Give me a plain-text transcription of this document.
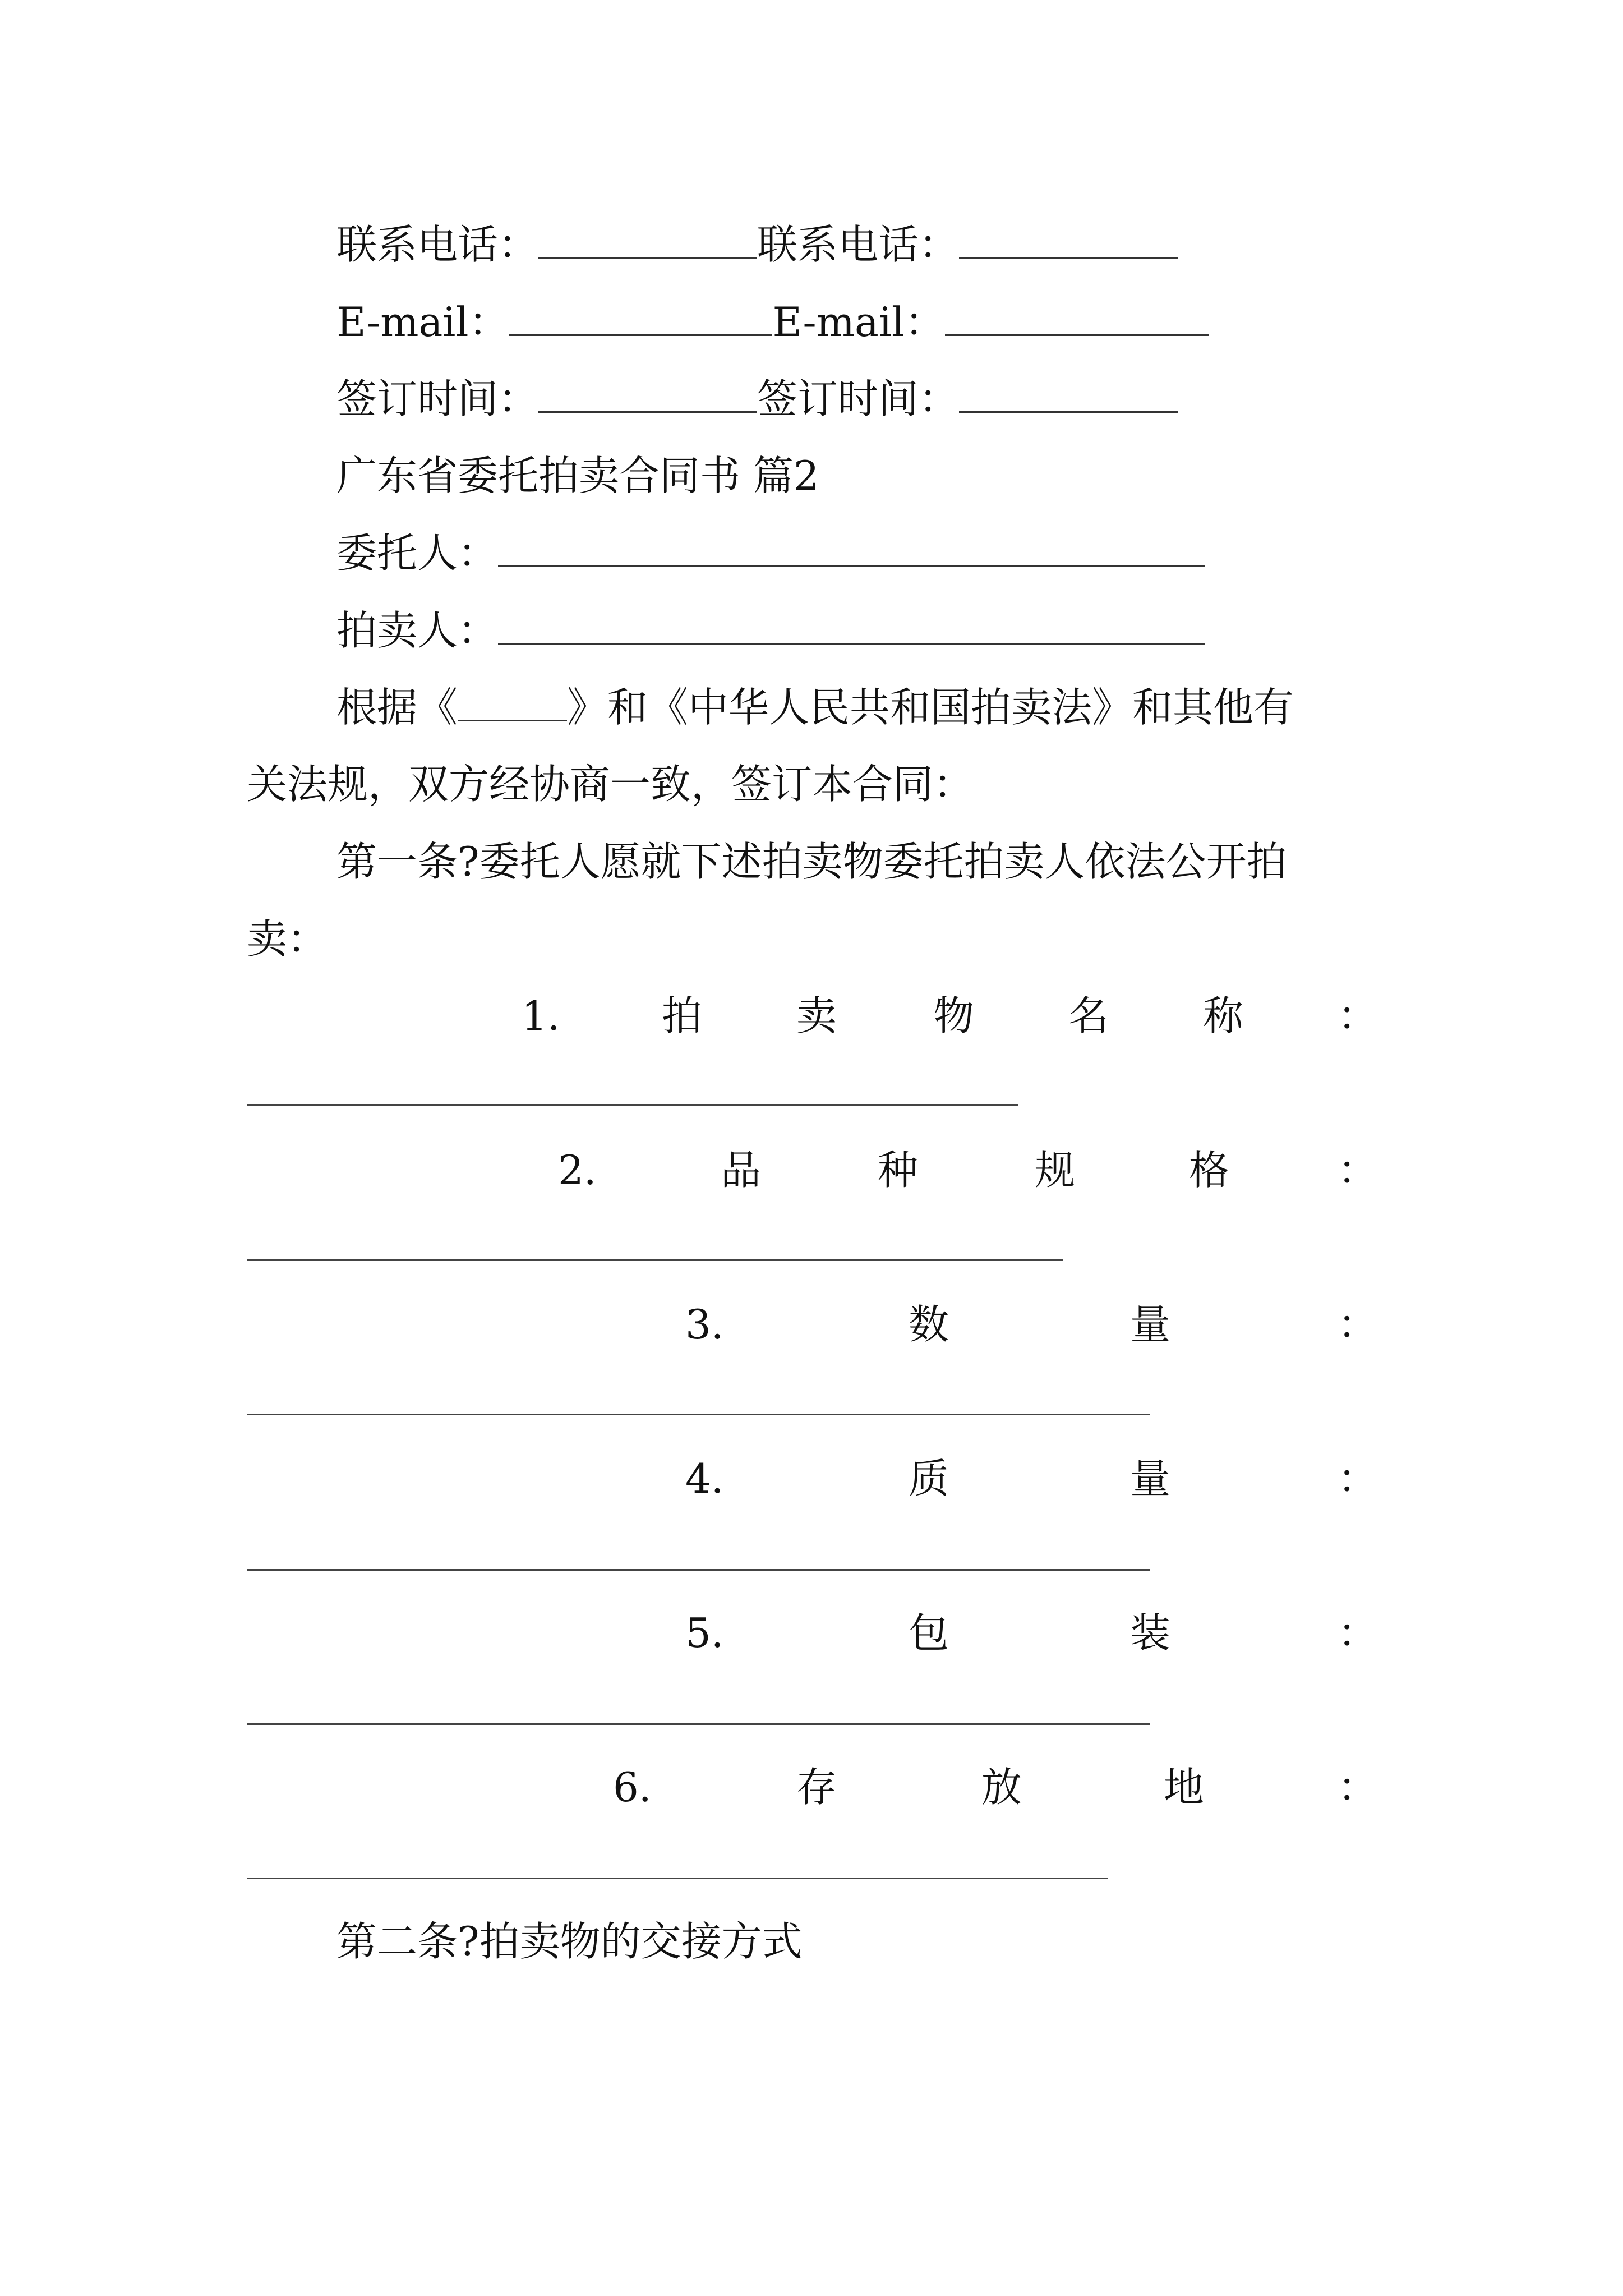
联系电话：	联系电话：
E-mail：	E-mail：
签订时间：	签订时间：
广东省委托拍卖合同书 篇2
委托人：
拍卖人：
根据《	》和《中华人民共和国拍卖法》和其他有
关法规，双方经协商一致，签订本合同：
第一条?委托人愿就下述拍卖物委托拍卖人依法公开拍
卖：
1.	拍 卖 物 名 称 ：
2.	品	种	规	格	：
3.	数	量	：
4.	质	量	：
5.	包	装	：
6.	存	放	地	：
第二条?拍卖物的交接方式
